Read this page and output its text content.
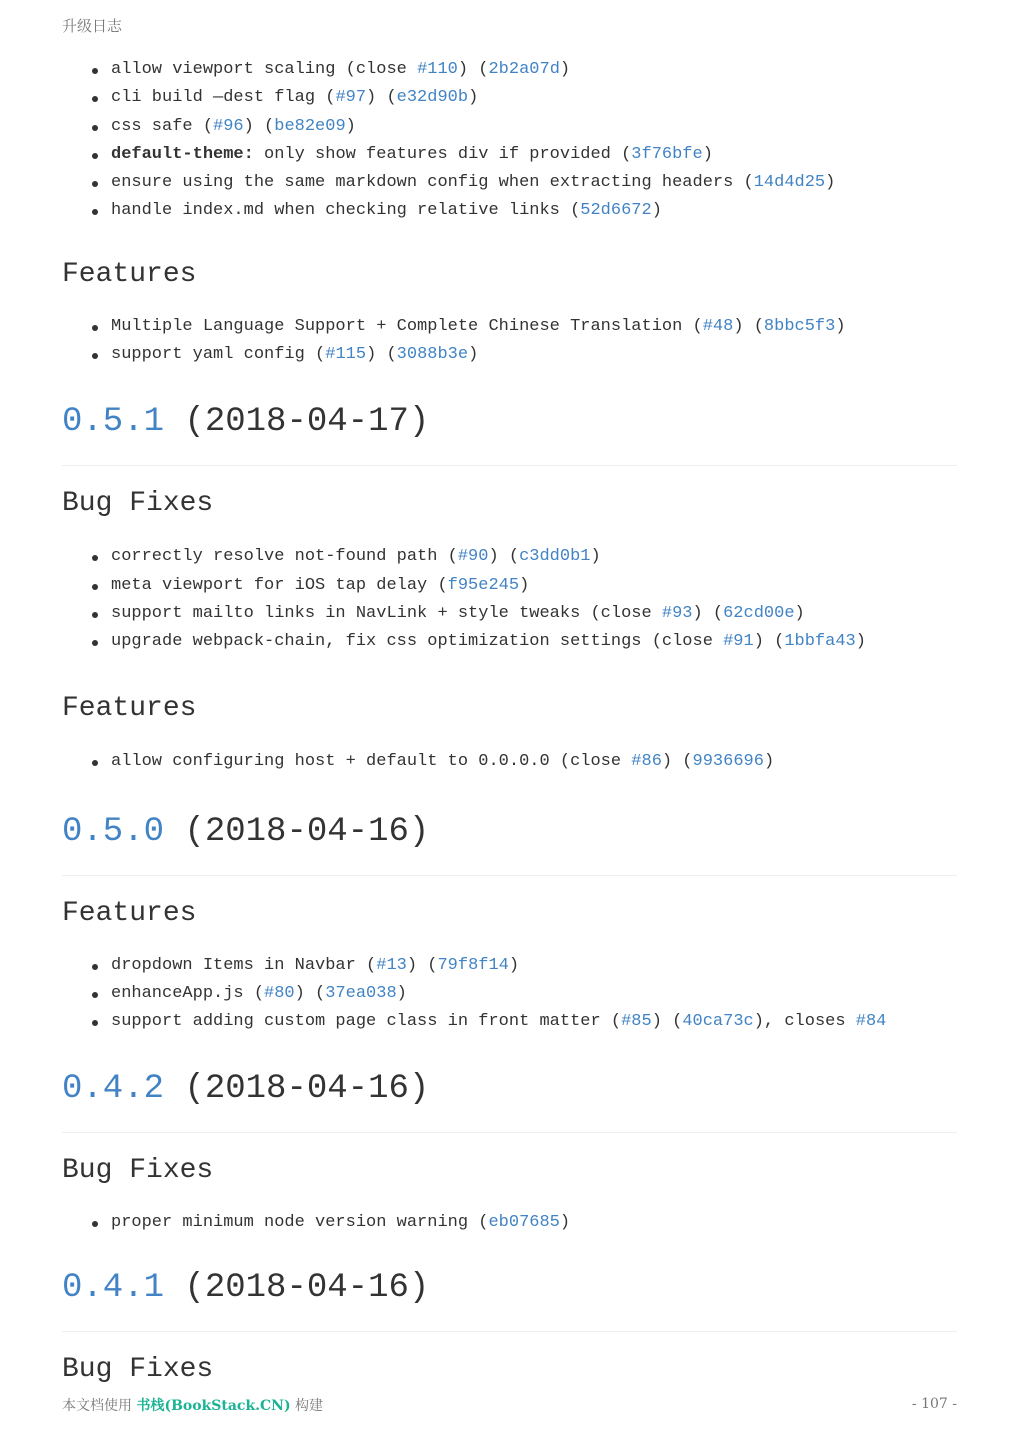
升级日志
allow viewport scaling (close #110) (2b2a07d)
cli build —dest flag (#97) (e32d90b)
css safe (#96) (be82e09)
default-theme: only show features div if provided (3f76bfe)
ensure using the same markdown config when extracting headers (14d4d25)
handle index.md when checking relative links (52d6672)
Features
Multiple Language Support + Complete Chinese Translation (#48) (8bbc5f3)
support yaml config (#115) (3088b3e)
0.5.1 (2018-04-17)
Bug Fixes
correctly resolve not-found path (#90) (c3dd0b1)
meta viewport for iOS tap delay (f95e245)
support mailto links in NavLink + style tweaks (close #93) (62cd00e)
upgrade webpack-chain, fix css optimization settings (close #91) (1bbfa43)
Features
allow configuring host + default to 0.0.0.0 (close #86) (9936696)
0.5.0 (2018-04-16)
Features
dropdown Items in Navbar (#13) (79f8f14)
enhanceApp.js (#80) (37ea038)
support adding custom page class in front matter (#85) (40ca73c), closes #84
0.4.2 (2018-04-16)
Bug Fixes
proper minimum node version warning (eb07685)
0.4.1 (2018-04-16)
Bug Fixes
本文档使用 书栈(BookStack.CN) 构建	- 107 -
